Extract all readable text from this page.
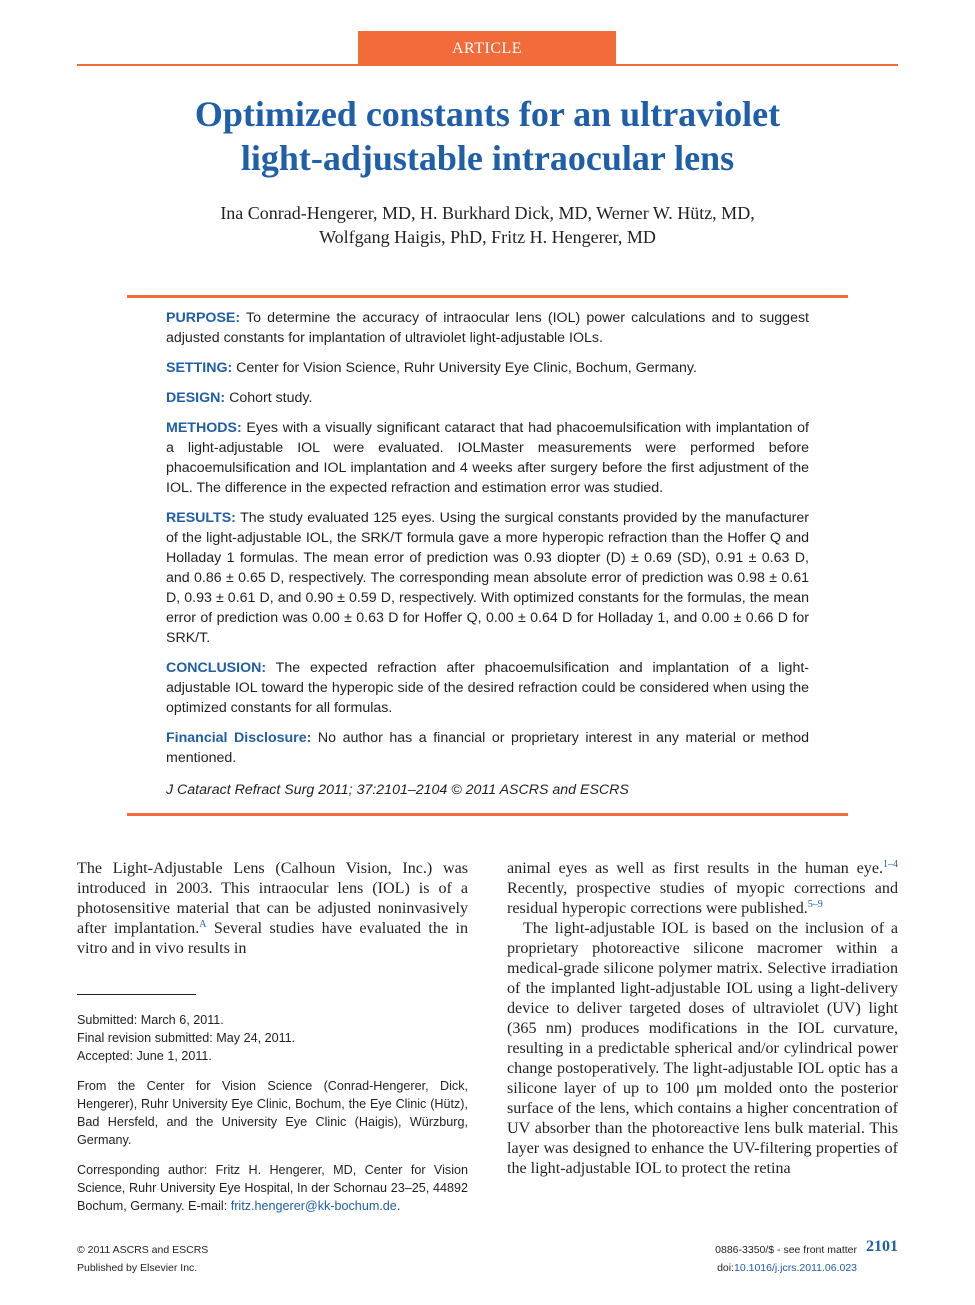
ARTICLE
Optimized constants for an ultraviolet
light-adjustable intraocular lens
Ina Conrad-Hengerer, MD, H. Burkhard Dick, MD, Werner W. Hütz, MD,
Wolfgang Haigis, PhD, Fritz H. Hengerer, MD

PURPOSE: To determine the accuracy of intraocular lens (IOL) power calculations and to suggest adjusted constants for implantation of ultraviolet light-adjustable IOLs.

SETTING: Center for Vision Science, Ruhr University Eye Clinic, Bochum, Germany.

DESIGN: Cohort study.

METHODS: Eyes with a visually significant cataract that had phacoemulsification with implantation of a light-adjustable IOL were evaluated. IOLMaster measurements were performed before phacoemulsification and IOL implantation and 4 weeks after surgery before the first adjustment of the IOL. The difference in the expected refraction and estimation error was studied.

RESULTS: The study evaluated 125 eyes. Using the surgical constants provided by the manufacturer of the light-adjustable IOL, the SRK/T formula gave a more hyperopic refraction than the Hoffer Q and Holladay 1 formulas. The mean error of prediction was 0.93 diopter (D) ± 0.69 (SD), 0.91 ± 0.63 D, and 0.86 ± 0.65 D, respectively. The corresponding mean absolute error of prediction was 0.98 ± 0.61 D, 0.93 ± 0.61 D, and 0.90 ± 0.59 D, respectively. With optimized constants for the formulas, the mean error of prediction was 0.00 ± 0.63 D for Hoffer Q, 0.00 ± 0.64 D for Holladay 1, and 0.00 ± 0.66 D for SRK/T.

CONCLUSION: The expected refraction after phacoemulsification and implantation of a light-adjustable IOL toward the hyperopic side of the desired refraction could be considered when using the optimized constants for all formulas.

Financial Disclosure: No author has a financial or proprietary interest in any material or method mentioned.

J Cataract Refract Surg 2011; 37:2101–2104 © 2011 ASCRS and ESCRS

The Light-Adjustable Lens (Calhoun Vision, Inc.) was introduced in 2003. This intraocular lens (IOL) is of a photosensitive material that can be adjusted noninvasively after implantation.$^A$ Several studies have evaluated the in vitro and in vivo results in

Submitted: March 6, 2011.
Final revision submitted: May 24, 2011.
Accepted: June 1, 2011.

From the Center for Vision Science (Conrad-Hengerer, Dick, Hengerer), Ruhr University Eye Clinic, Bochum, the Eye Clinic (Hütz), Bad Hersfeld, and the University Eye Clinic (Haigis), Würzburg, Germany.

Corresponding author: Fritz H. Hengerer, MD, Center for Vision Science, Ruhr University Eye Hospital, In der Schornau 23–25, 44892 Bochum, Germany. E-mail: fritz.hengerer@kk-bochum.de.

animal eyes as well as first results in the human eye.$^{1-4}$ Recently, prospective studies of myopic corrections and residual hyperopic corrections were published.$^{5-9}$

The light-adjustable IOL is based on the inclusion of a proprietary photoreactive silicone macromer within a medical-grade silicone polymer matrix. Selective irradiation of the implanted light-adjustable IOL using a light-delivery device to deliver targeted doses of ultraviolet (UV) light (365 nm) produces modifications in the IOL curvature, resulting in a predictable spherical and/or cylindrical power change postoperatively. The light-adjustable IOL optic has a silicone layer of up to 100 μm molded onto the posterior surface of the lens, which contains a higher concentration of UV absorber than the photoreactive lens bulk material. This layer was designed to enhance the UV-filtering properties of the light-adjustable IOL to protect the retina

© 2011 ASCRS and ESCRS
Published by Elsevier Inc.
0886-3350/$ - see front matter 2101
doi:10.1016/j.jcrs.2011.06.023
